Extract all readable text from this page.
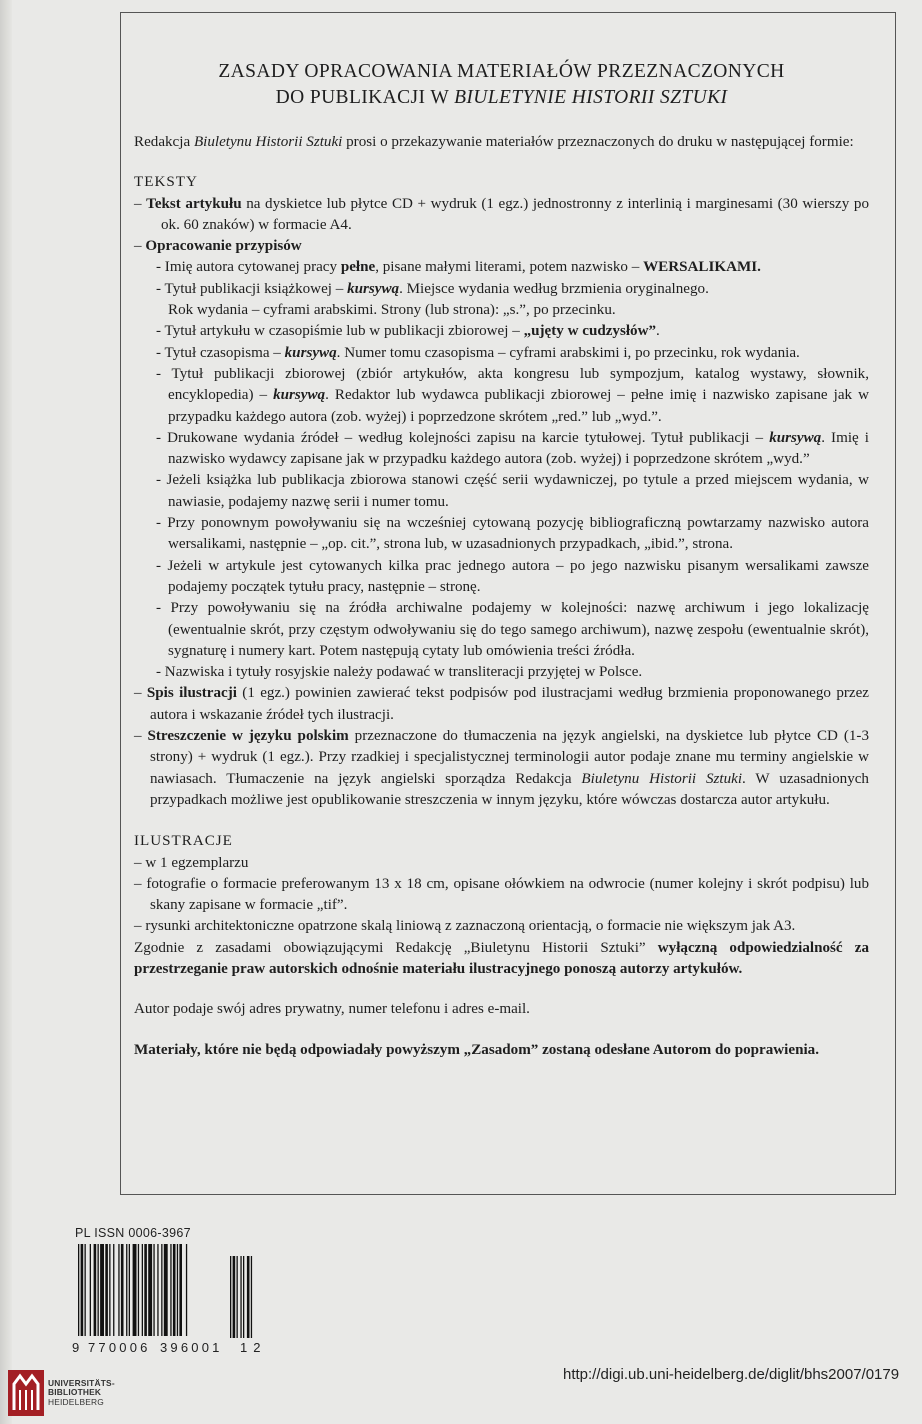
ZASADY OPRACOWANIA MATERIAŁÓW PRZEZNACZONYCH
DO PUBLIKACJI W BIULETYNIE HISTORII SZTUKI

Redakcja Biuletynu Historii Sztuki prosi o przekazywanie materiałów przeznaczonych do druku w następującej formie:

TEKSTY

– Tekst artykułu na dyskietce lub płytce CD + wydruk (1 egz.) jednostronny z interlinią i marginesami (30 wierszy po ok. 60 znaków) w formacie A4.

– Opracowanie przypisów

- Imię autora cytowanej pracy pełne, pisane małymi literami, potem nazwisko – WERSALIKAMI.

- Tytuł publikacji książkowej – kursywą. Miejsce wydania według brzmienia oryginalnego.

Rok wydania – cyframi arabskimi. Strony (lub strona): „s.”, po przecinku.

- Tytuł artykułu w czasopiśmie lub w publikacji zbiorowej – „ujęty w cudzysłów”.

- Tytuł czasopisma – kursywą. Numer tomu czasopisma – cyframi arabskimi i, po przecinku, rok wydania.

- Tytuł publikacji zbiorowej (zbiór artykułów, akta kongresu lub sympozjum, katalog wystawy, słownik, encyklopedia) – kursywą. Redaktor lub wydawca publikacji zbiorowej – pełne imię i nazwisko zapisane jak w przypadku każdego autora (zob. wyżej) i poprzedzone skrótem „red.” lub „wyd.”.

- Drukowane wydania źródeł – według kolejności zapisu na karcie tytułowej. Tytuł publikacji – kursywą. Imię i nazwisko wydawcy zapisane jak w przypadku każdego autora (zob. wyżej) i poprzedzone skrótem „wyd.”

- Jeżeli książka lub publikacja zbiorowa stanowi część serii wydawniczej, po tytule a przed miejscem wydania, w nawiasie, podajemy nazwę serii i numer tomu.

- Przy ponownym powoływaniu się na wcześniej cytowaną pozycję bibliograficzną powtarzamy nazwisko autora wersalikami, następnie – „op. cit.”, strona lub, w uzasadnionych przypadkach, „ibid.”, strona.

- Jeżeli w artykule jest cytowanych kilka prac jednego autora – po jego nazwisku pisanym wersalikami zawsze podajemy początek tytułu pracy, następnie – stronę.

- Przy powoływaniu się na źródła archiwalne podajemy w kolejności: nazwę archiwum i jego lokalizację (ewentualnie skrót, przy częstym odwoływaniu się do tego samego archiwum), nazwę zespołu (ewentualnie skrót), sygnaturę i numery kart. Potem następują cytaty lub omówienia treści źródła.

- Nazwiska i tytuły rosyjskie należy podawać w transliteracji przyjętej w Polsce.

– Spis ilustracji (1 egz.) powinien zawierać tekst podpisów pod ilustracjami według brzmienia proponowanego przez autora i wskazanie źródeł tych ilustracji.

– Streszczenie w języku polskim przeznaczone do tłumaczenia na język angielski, na dyskietce lub płytce CD (1-3 strony) + wydruk (1 egz.). Przy rzadkiej i specjalistycznej terminologii autor podaje znane mu terminy angielskie w nawiasach. Tłumaczenie na język angielski sporządza Redakcja Biuletynu Historii Sztuki. W uzasadnionych przypadkach możliwe jest opublikowanie streszczenia w innym języku, które wówczas dostarcza autor artykułu.

ILUSTRACJE

– w 1 egzemplarzu

– fotografie o formacie preferowanym 13 x 18 cm, opisane ołówkiem na odwrocie (numer kolejny i skrót podpisu) lub skany zapisane w formacie „tif”.

– rysunki architektoniczne opatrzone skalą liniową z zaznaczoną orientacją, o formacie nie większym jak A3.

Zgodnie z zasadami obowiązującymi Redakcję „Biuletynu Historii Sztuki” wyłączną odpowiedzialność za przestrzeganie praw autorskich odnośnie materiału ilustracyjnego ponoszą autorzy artykułów.

Autor podaje swój adres prywatny, numer telefonu i adres e-mail.

Materiały, które nie będą odpowiadały powyższym „Zasadom” zostaną odesłane Autorom do poprawienia.

PL ISSN 0006-3967
9 770006 396001 12
UNIVERSITÄTS-
BIBLIOTHEK
HEIDELBERG
http://digi.ub.uni-heidelberg.de/diglit/bhs2007/0179
